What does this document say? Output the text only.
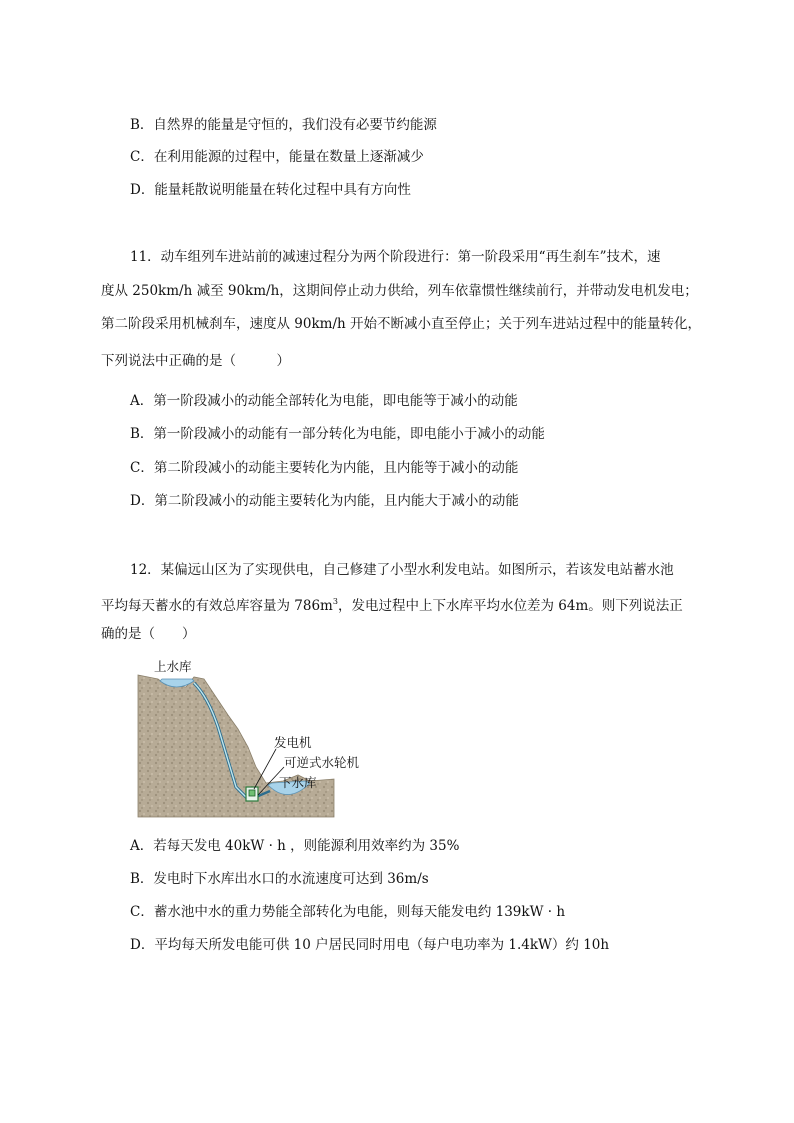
B．自然界的能量是守恒的，我们没有必要节约能源
C．在利用能源的过程中，能量在数量上逐渐减少
D．能量耗散说明能量在转化过程中具有方向性
11．动车组列车进站前的减速过程分为两个阶段进行：第一阶段采用“再生刹车”技术，速
度从 250km/h 减至 90km/h，这期间停止动力供给，列车依靠惯性继续前行，并带动发电机发电；
第二阶段采用机械刹车，速度从 90km/h 开始不断减小直至停止；关于列车进站过程中的能量转化，
下列说法中正确的是（　　　）
A．第一阶段减小的动能全部转化为电能，即电能等于减小的动能
B．第一阶段减小的动能有一部分转化为电能，即电能小于减小的动能
C．第二阶段减小的动能主要转化为内能，且内能等于减小的动能
D．第二阶段减小的动能主要转化为内能，且内能大于减小的动能
12．某偏远山区为了实现供电，自己修建了小型水利发电站。如图所示，若该发电站蓄水池
平均每天蓄水的有效总库容量为 $786m^3$，发电过程中上下水库平均水位差为 64m。则下列说法正
确的是（　　）
上水库
发电机
可逆式水轮机
下水库
A．若每天发电 40kW · h ，则能源利用效率约为 35%
B．发电时下水库出水口的水流速度可达到 36m/s
C．蓄水池中水的重力势能全部转化为电能，则每天能发电约 139kW · h
D．平均每天所发电能可供 10 户居民同时用电（每户电功率为 1.4kW）约 10h
